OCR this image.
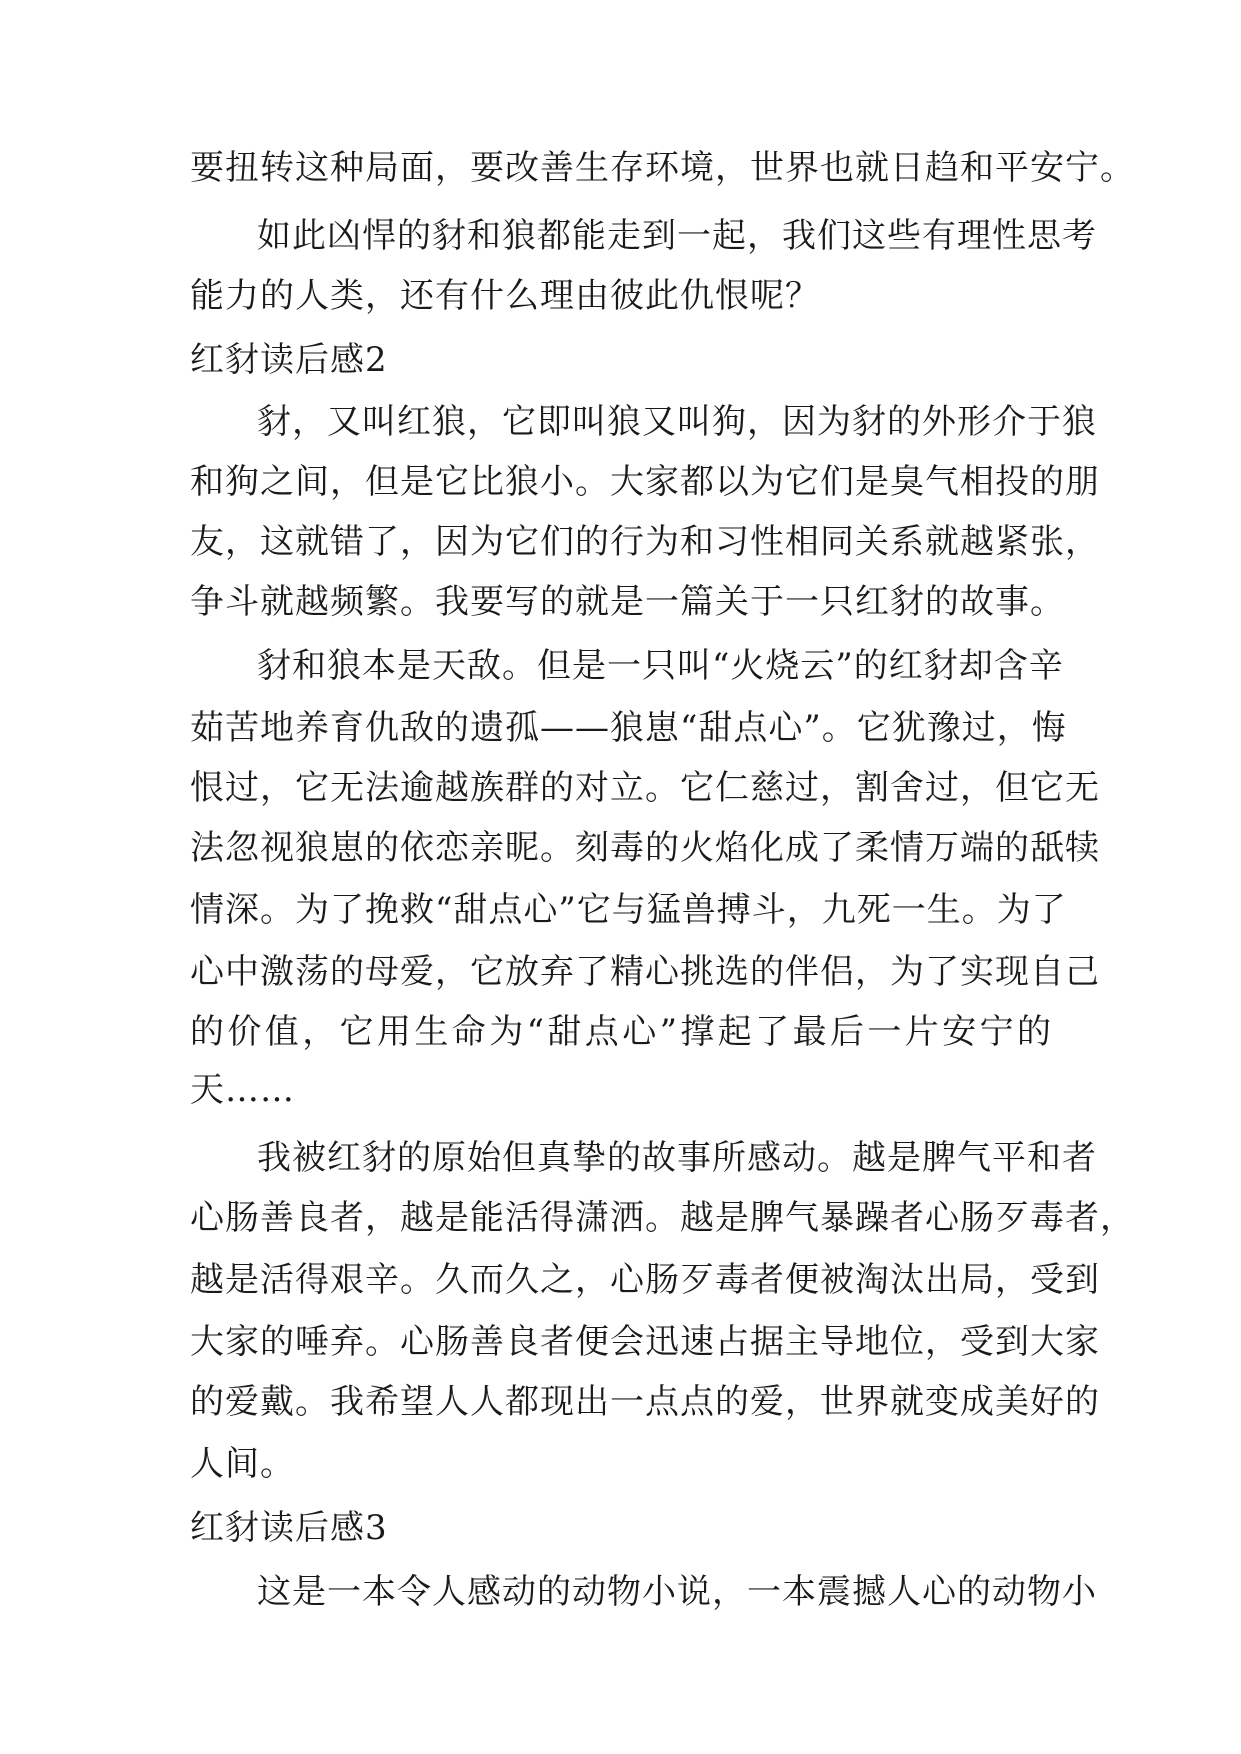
要扭转这种局面，要改善生存环境，世界也就日趋和平安宁。
如此凶悍的豺和狼都能走到一起，我们这些有理性思考
能力的人类，还有什么理由彼此仇恨呢？
红豺读后感2
豺，又叫红狼，它即叫狼又叫狗，因为豺的外形介于狼
和狗之间，但是它比狼小。大家都以为它们是臭气相投的朋
友，这就错了，因为它们的行为和习性相同关系就越紧张，
争斗就越频繁。我要写的就是一篇关于一只红豺的故事。
豺和狼本是天敌。但是一只叫“火烧云”的红豺却含辛
茹苦地养育仇敌的遗孤——狼崽“甜点心”。它犹豫过，悔
恨过，它无法逾越族群的对立。它仁慈过，割舍过，但它无
法忽视狼崽的依恋亲昵。刻毒的火焰化成了柔情万端的舐犊
情深。为了挽救“甜点心”它与猛兽搏斗，九死一生。为了
心中激荡的母爱，它放弃了精心挑选的伴侣，为了实现自己
的价值，它用生命为“甜点心”撑起了最后一片安宁的
天……
我被红豺的原始但真挚的故事所感动。越是脾气平和者
心肠善良者，越是能活得潇洒。越是脾气暴躁者心肠歹毒者，
越是活得艰辛。久而久之，心肠歹毒者便被淘汰出局，受到
大家的唾弃。心肠善良者便会迅速占据主导地位，受到大家
的爱戴。我希望人人都现出一点点的爱，世界就变成美好的
人间。
红豺读后感3
这是一本令人感动的动物小说，一本震撼人心的动物小
